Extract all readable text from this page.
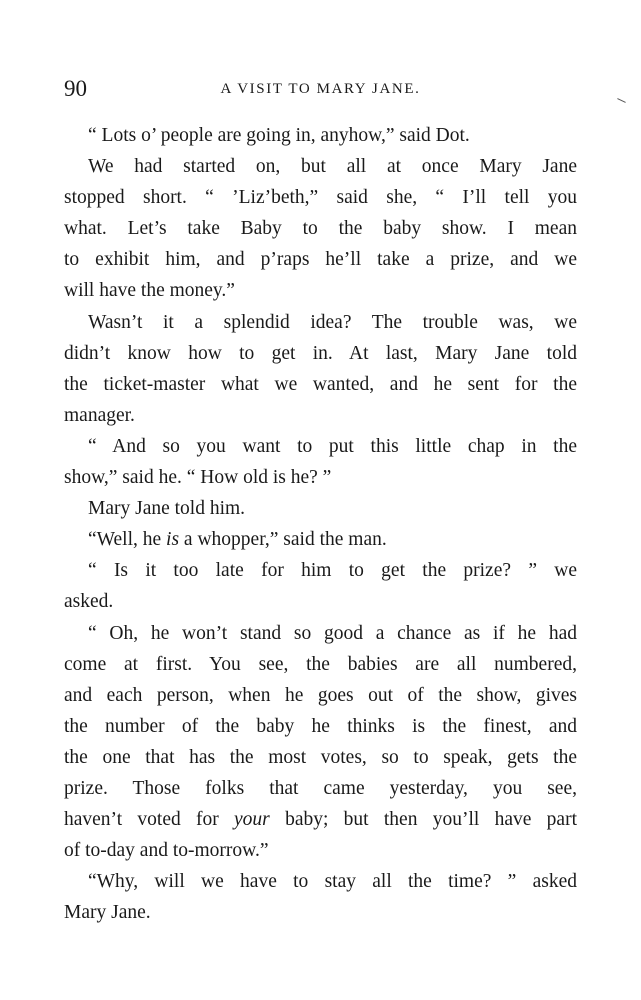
90	A VISIT TO MARY JANE.

“ Lots o’ people are going in, anyhow,” said Dot.

We had started on, but all at once Mary Jane
stopped short. “ ’Liz’beth,” said she, “ I’ll tell you
what. Let’s take Baby to the baby show. I mean
to exhibit him, and p’raps he’ll take a prize, and we
will have the money.”

Wasn’t it a splendid idea? The trouble was, we
didn’t know how to get in. At last, Mary Jane told
the ticket-master what we wanted, and he sent for the
manager.

“ And so you want to put this little chap in the
show,” said he. “ How old is he? ”

Mary Jane told him.

“Well, he is a whopper,” said the man.

“ Is it too late for him to get the prize? ” we
asked.

“ Oh, he won’t stand so good a chance as if he had
come at first. You see, the babies are all numbered,
and each person, when he goes out of the show, gives
the number of the baby he thinks is the finest, and
the one that has the most votes, so to speak, gets the
prize. Those folks that came yesterday, you see,
haven’t voted for your baby; but then you’ll have part
of to-day and to-morrow.”

“Why, will we have to stay all the time? ” asked
Mary Jane.
